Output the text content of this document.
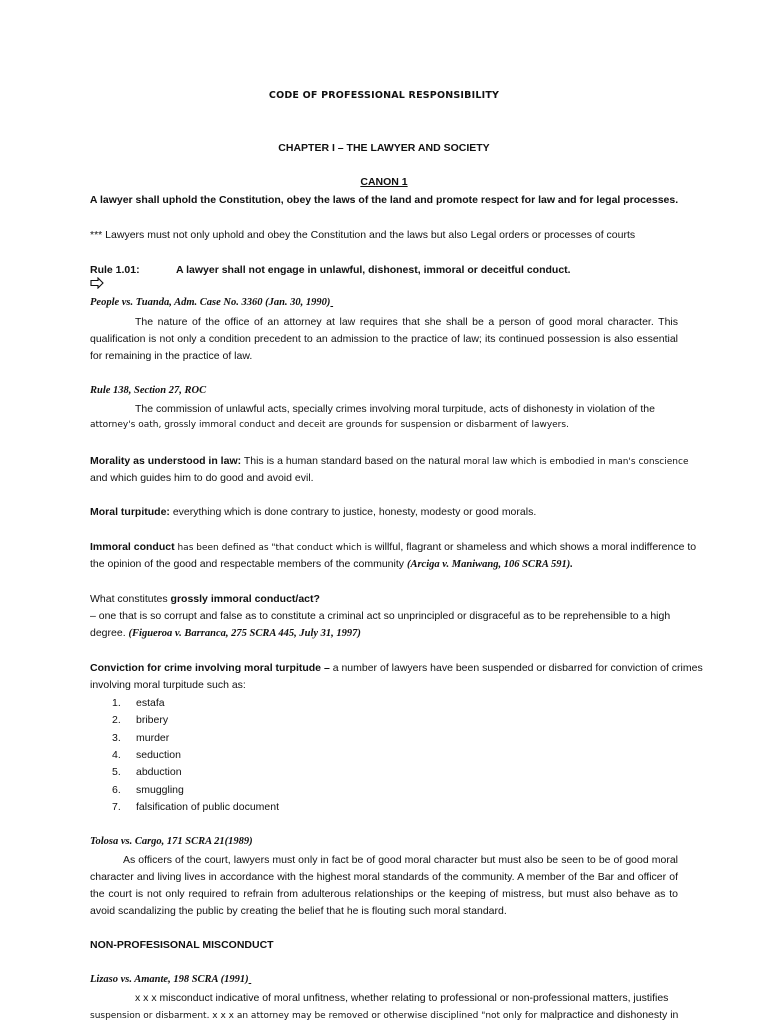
CODE OF PROFESSIONAL RESPONSIBILITY
CHAPTER I – THE LAWYER AND SOCIETY
CANON 1
A lawyer shall uphold the Constitution, obey the laws of the land and promote respect for law and for legal processes.
*** Lawyers must not only uphold and obey the Constitution and the laws but also Legal orders or processes of courts
Rule 1.01:	A lawyer shall not engage in unlawful, dishonest, immoral or deceitful conduct.
People vs. Tuanda, Adm. Case No. 3360 (Jan. 30, 1990)
The nature of the office of an attorney at law requires that she shall be a person of good moral character. This qualification is not only a condition precedent to an admission to the practice of law; its continued possession is also essential for remaining in the practice of law.
Rule 138, Section 27, ROC
The commission of unlawful acts, specially crimes involving moral turpitude, acts of dishonesty in violation of the
attorney's oath, grossly immoral conduct and deceit are grounds for suspension or disbarment of lawyers.
Morality as understood in law: This is a human standard based on the natural moral law which is embodied in man's conscience
and which guides him to do good and avoid evil.
Moral turpitude: everything which is done contrary to justice, honesty, modesty or good morals.
Immoral conduct has been defined as "that conduct which is willful, flagrant or shameless and which shows a moral indifference to
the opinion of the good and respectable members of the community (Arciga v. Maniwang, 106 SCRA 591).
What constitutes grossly immoral conduct/act?
– one that is so corrupt and false as to constitute a criminal act so unprincipled or disgraceful as to be reprehensible to a high
degree. (Figueroa v. Barranca, 275 SCRA 445, July 31, 1997)
Conviction for crime involving moral turpitude – a number of lawyers have been suspended or disbarred for conviction of crimes
involving moral turpitude such as:
1. estafa
2. bribery
3. murder
4. seduction
5. abduction
6. smuggling
7. falsification of public document
Tolosa vs. Cargo, 171 SCRA 21(1989)
As officers of the court, lawyers must only in fact be of good moral character but must also be seen to be of good moral character and living lives in accordance with the highest moral standards of the community. A member of the Bar and officer of the court is not only required to refrain from adulterous relationships or the keeping of mistress, but must also behave as to avoid scandalizing the public by creating the belief that he is flouting such moral standard.
NON-PROFESISONAL MISCONDUCT
Lizaso vs. Amante, 198 SCRA (1991)
x x x misconduct indicative of moral unfitness, whether relating to professional or non-professional matters, justifies
suspension or disbarment. x x x an attorney may be removed or otherwise disciplined "not only for malpractice and dishonesty in
